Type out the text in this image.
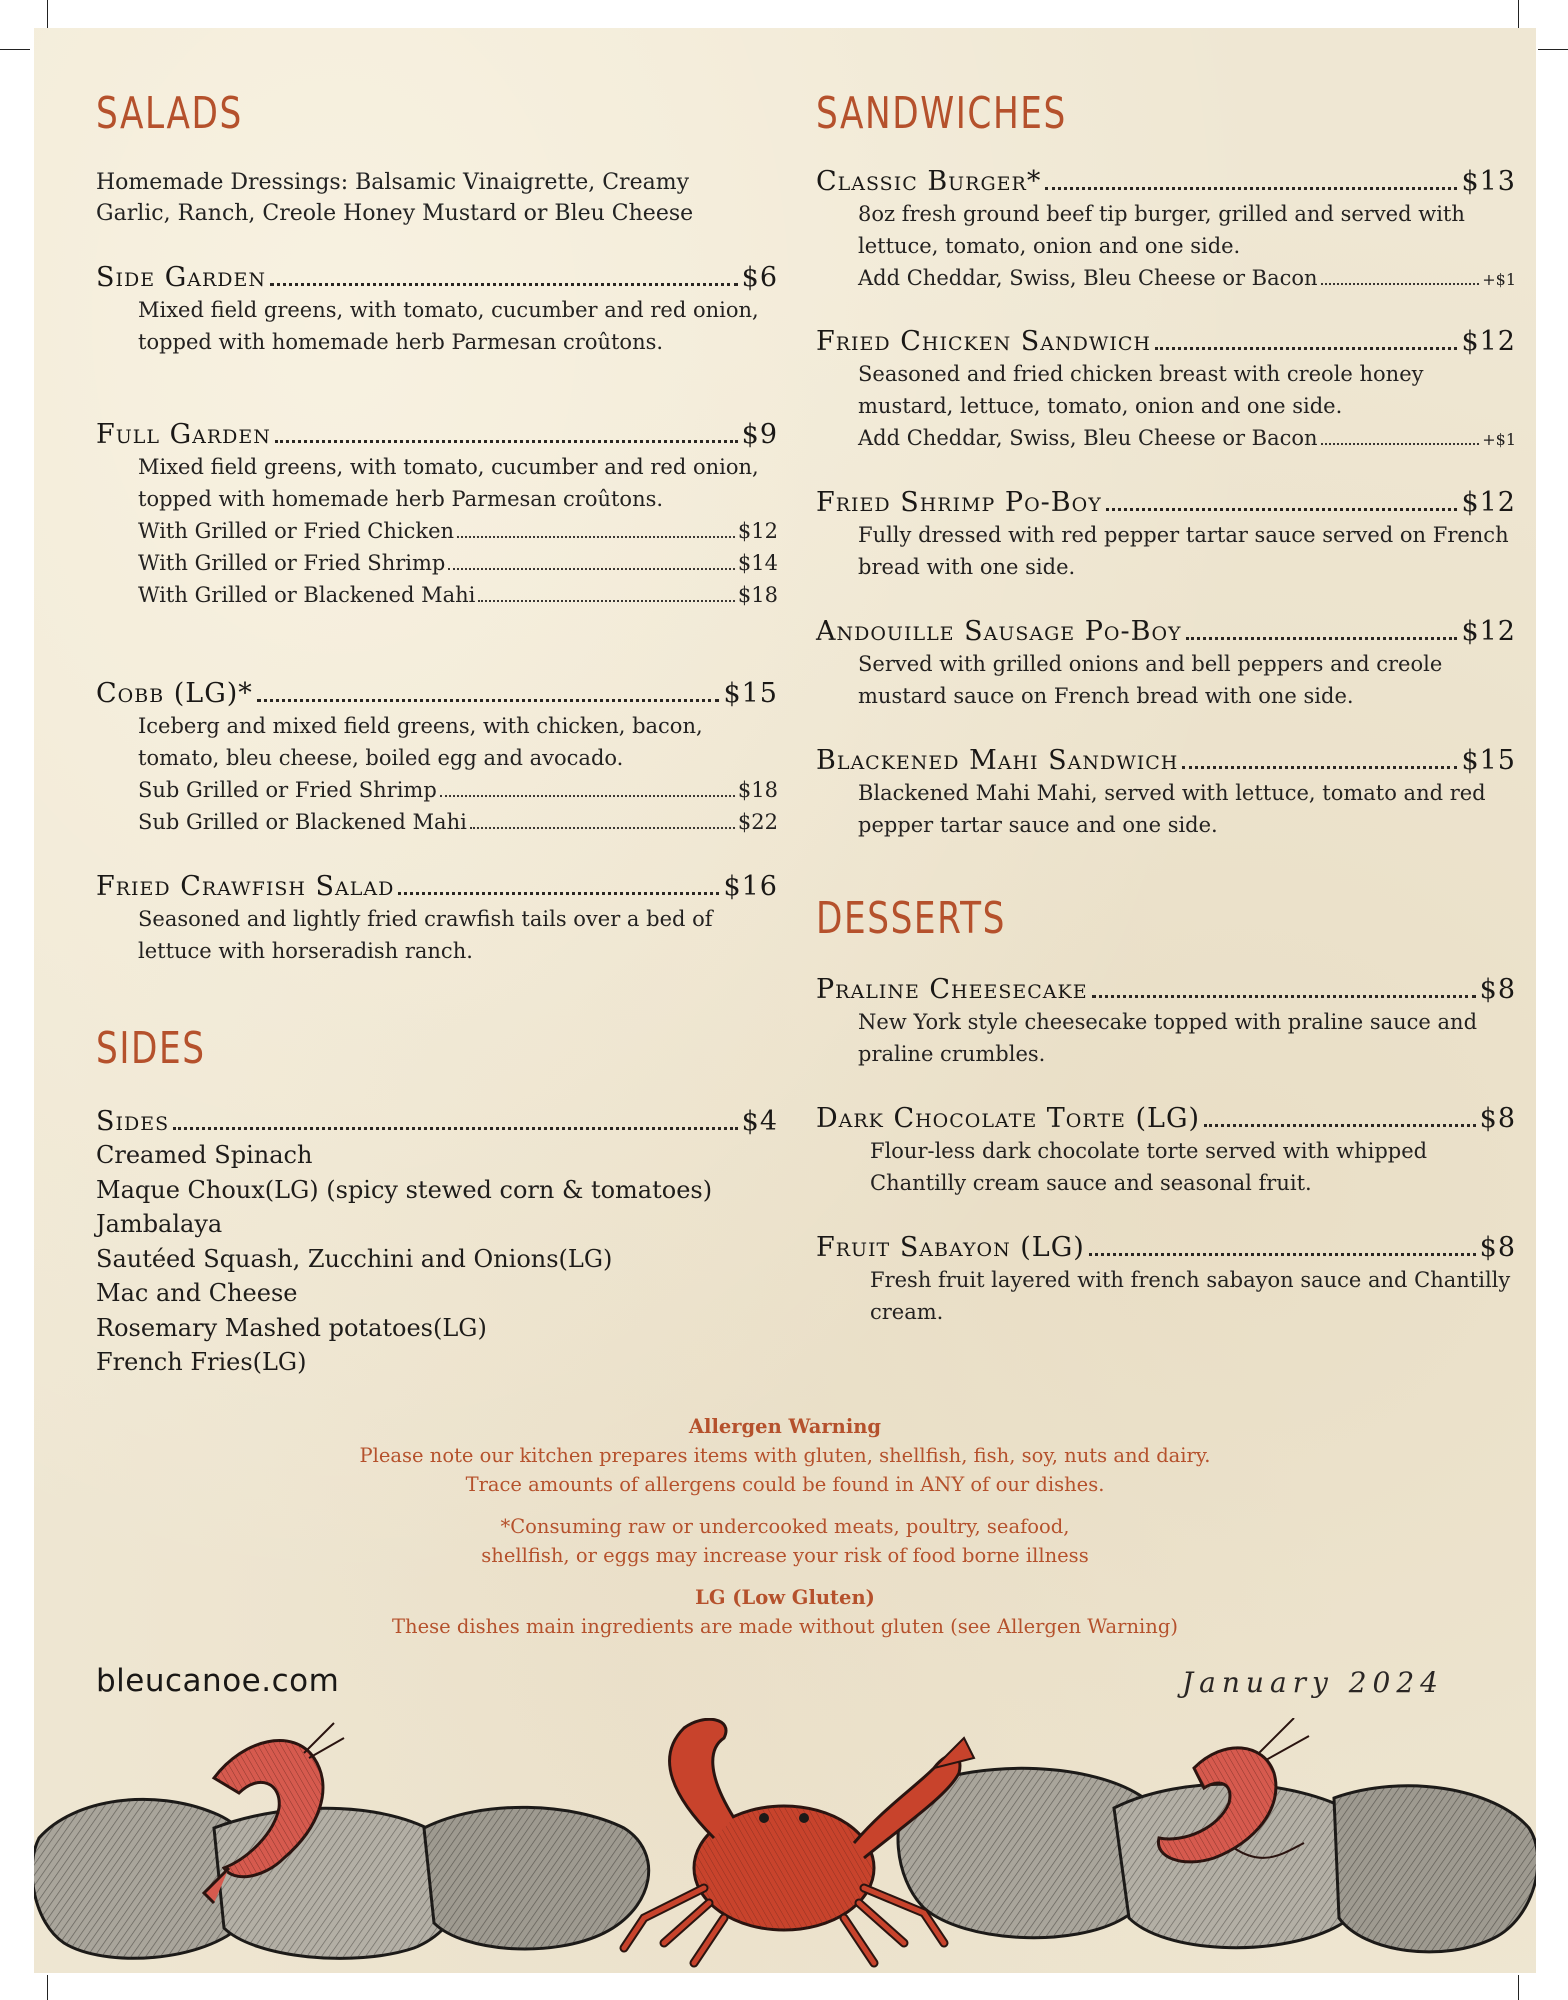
SALADS
Homemade Dressings: Balsamic Vinaigrette, Creamy Garlic, Ranch, Creole Honey Mustard or Bleu Cheese
Side Garden	$6
Mixed field greens, with tomato, cucumber and red onion, topped with homemade herb Parmesan croûtons.
Full Garden	$9
Mixed field greens, with tomato, cucumber and red onion, topped with homemade herb Parmesan croûtons.
With Grilled or Fried Chicken	$12
With Grilled or Fried Shrimp	$14
With Grilled or Blackened Mahi	$18
Cobb (LG)*	$15
Iceberg and mixed field greens, with chicken, bacon, tomato, bleu cheese, boiled egg and avocado.
Sub Grilled or Fried Shrimp	$18
Sub Grilled or Blackened Mahi	$22
Fried Crawfish Salad	$16
Seasoned and lightly fried crawfish tails over a bed of lettuce with horseradish ranch.
SIDES
Sides	$4
Creamed Spinach
Maque Choux(LG) (spicy stewed corn & tomatoes)
Jambalaya
Sautéed Squash, Zucchini and Onions(LG)
Mac and Cheese
Rosemary Mashed potatoes(LG)
French Fries(LG)
SANDWICHES
Classic Burger*	$13
8oz fresh ground beef tip burger, grilled and served with lettuce, tomato, onion and one side.
Add Cheddar, Swiss, Bleu Cheese or Bacon	+$1
Fried Chicken Sandwich	$12
Seasoned and fried chicken breast with creole honey mustard, lettuce, tomato, onion and one side.
Add Cheddar, Swiss, Bleu Cheese or Bacon	+$1
Fried Shrimp Po-Boy	$12
Fully dressed with red pepper tartar sauce served on French bread with one side.
Andouille Sausage Po-Boy	$12
Served with grilled onions and bell peppers and creole mustard sauce on French bread with one side.
Blackened Mahi Sandwich	$15
Blackened Mahi Mahi, served with lettuce, tomato and red pepper tartar sauce and one side.
DESSERTS
Praline Cheesecake	$8
New York style cheesecake topped with praline sauce and praline crumbles.
Dark Chocolate Torte (LG)	$8
Flour-less dark chocolate torte served with whipped Chantilly cream sauce and seasonal fruit.
Fruit Sabayon (LG)	$8
Fresh fruit layered with french sabayon sauce and Chantilly cream.
Allergen Warning
Please note our kitchen prepares items with gluten, shellfish, fish, soy, nuts and dairy.
Trace amounts of allergens could be found in ANY of our dishes.
*Consuming raw or undercooked meats, poultry, seafood,
shellfish, or eggs may increase your risk of food borne illness
LG (Low Gluten)
These dishes main ingredients are made without gluten (see Allergen Warning)
bleucanoe.com	January 2024
